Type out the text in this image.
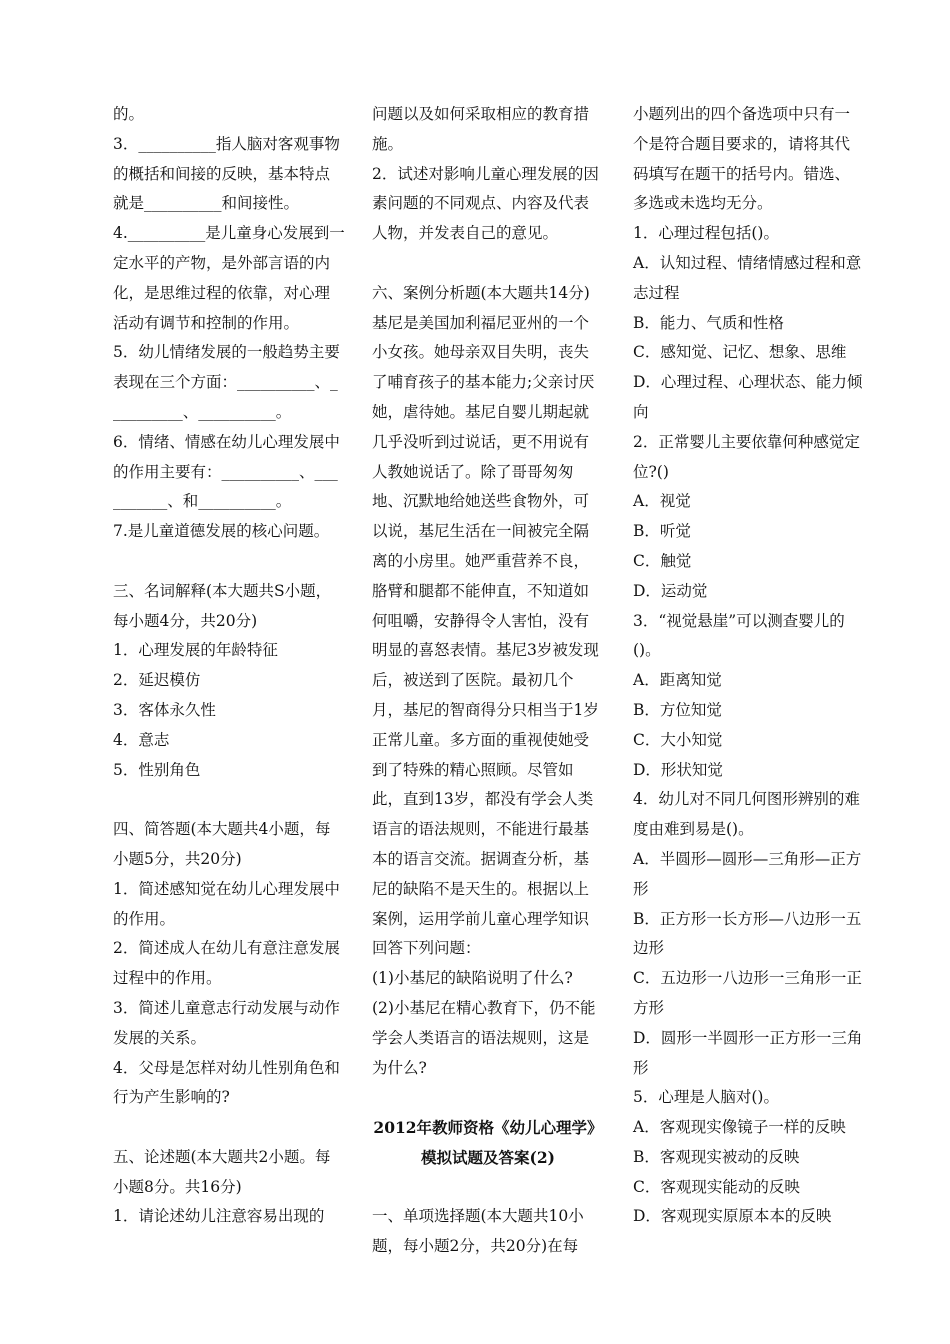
的。

3．__________指人脑对客观事物的概括和间接的反映，基本特点就是__________和间接性。

4.__________是儿童身心发展到一定水平的产物，是外部言语的内化，是思维过程的依靠，对心理活动有调节和控制的作用。

5．幼儿情绪发展的一般趋势主要表现在三个方面：__________、__________、__________。

6．情绪、情感在幼儿心理发展中的作用主要有：__________、__________、和__________。

7.是儿童道德发展的核心问题。

三、名词解释(本大题共S小题，每小题4分，共20分)

1．心理发展的年龄特征

2．延迟模仿

3．客体永久性

4．意志

5．性别角色

四、简答题(本大题共4小题，每小题5分，共20分)

1．简述感知觉在幼儿心理发展中的作用。

2．简述成人在幼儿有意注意发展过程中的作用。

3．简述儿童意志行动发展与动作发展的关系。

4．父母是怎样对幼儿性别角色和行为产生影响的?

五、论述题(本大题共2小题。每小题8分。共16分)

1．请论述幼儿注意容易出现的

问题以及如何采取相应的教育措施。

2．试述对影响儿童心理发展的因素问题的不同观点、内容及代表人物，并发表自己的意见。

六、案例分析题(本大题共14分)

基尼是美国加利福尼亚州的一个小女孩。她母亲双目失明，丧失了哺育孩子的基本能力;父亲讨厌她，虐待她。基尼自婴儿期起就几乎没听到过说话，更不用说有人教她说话了。除了哥哥匆匆地、沉默地给她送些食物外，可以说，基尼生活在一间被完全隔离的小房里。她严重营养不良，胳臂和腿都不能伸直，不知道如何咀嚼，安静得令人害怕，没有明显的喜怒表情。基尼3岁被发现后，被送到了医院。最初几个月，基尼的智商得分只相当于1岁正常儿童。多方面的重视使她受到了特殊的精心照顾。尽管如此，直到13岁，都没有学会人类语言的语法规则，不能进行最基本的语言交流。据调查分析，基尼的缺陷不是天生的。根据以上案例，运用学前儿童心理学知识回答下列问题：

(1)小基尼的缺陷说明了什么?

(2)小基尼在精心教育下，仍不能学会人类语言的语法规则，这是为什么?

2012年教师资格《幼儿心理学》模拟试题及答案(2)

一、单项选择题(本大题共10小题，每小题2分，共20分)在每

小题列出的四个备选项中只有一个是符合题目要求的，请将其代码填写在题干的括号内。错选、多选或未选均无分。

1．心理过程包括()。

A．认知过程、情绪情感过程和意志过程

B．能力、气质和性格

C．感知觉、记忆、想象、思维

D．心理过程、心理状态、能力倾向

2．正常婴儿主要依靠何种感觉定位?()

A．视觉

B．听觉

C．触觉

D．运动觉

3．“视觉悬崖”可以测查婴儿的()。

A．距离知觉

B．方位知觉

C．大小知觉

D．形状知觉

4．幼儿对不同几何图形辨别的难度由难到易是()。

A．半圆形—圆形—三角形—正方形

B．正方形一长方形—八边形一五边形

C．五边形一八边形一三角形一正方形

D．圆形一半圆形一正方形一三角形

5．心理是人脑对()。

A．客观现实像镜子一样的反映

B．客观现实被动的反映

C．客观现实能动的反映

D．客观现实原原本本的反映
